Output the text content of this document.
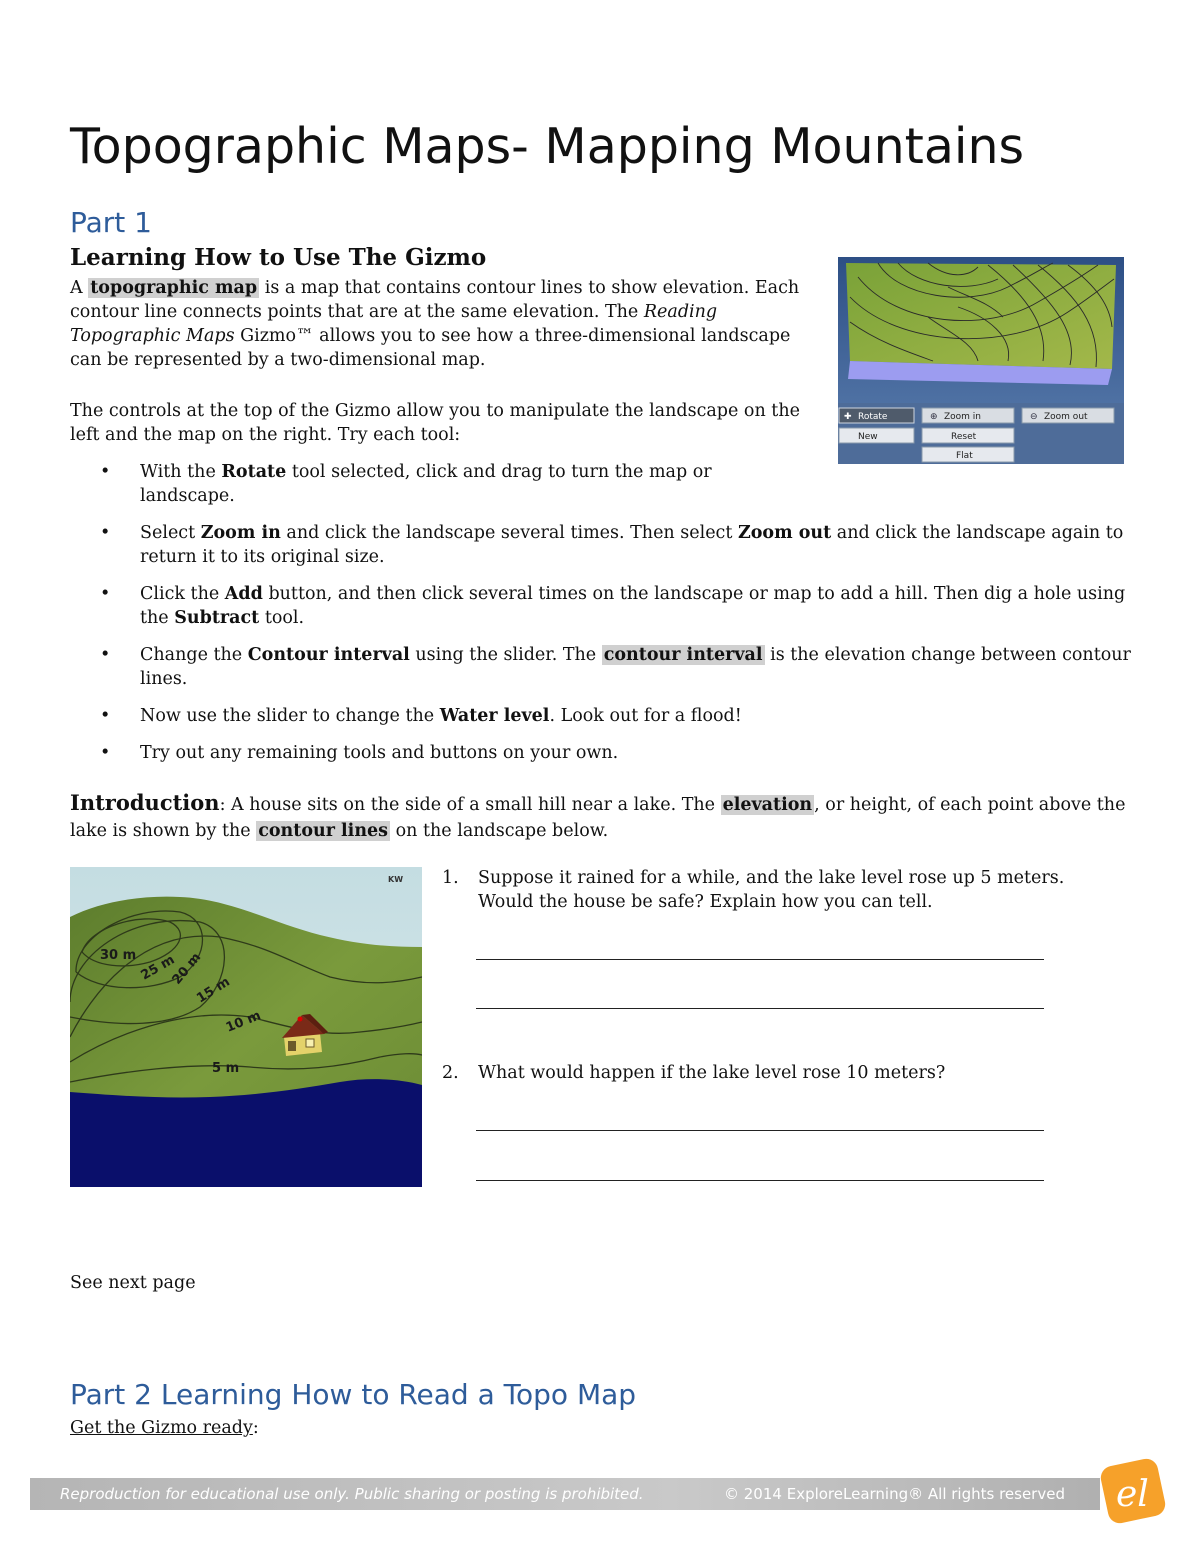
Topographic Maps- Mapping Mountains
Part 1
Learning How to Use The Gizmo
A topographic map is a map that contains contour lines to show elevation. Each contour line connects points that are at the same elevation. The Reading Topographic Maps Gizmo™ allows you to see how a three-dimensional landscape can be represented by a two-dimensional map.
The controls at the top of the Gizmo allow you to manipulate the landscape on the left and the map on the right. Try each tool:
✚ Rotate	⊕ Zoom in	⊖ Zoom out
New	Reset
Flat
• With the Rotate tool selected, click and drag to turn the map or landscape.
• Select Zoom in and click the landscape several times. Then select Zoom out and click the landscape again to return it to its original size.
• Click the Add button, and then click several times on the landscape or map to add a hill. Then dig a hole using the Subtract tool.
• Change the Contour interval using the slider. The contour interval is the elevation change between contour lines.
• Now use the slider to change the Water level. Look out for a flood!
• Try out any remaining tools and buttons on your own.
Introduction: A house sits on the side of a small hill near a lake. The elevation , or height, of each point above the lake is shown by the contour lines on the landscape below.
30 m 25 m
20 m
15 m
10 m
5 m
KW 1. Suppose it rained for a while, and the lake level rose up 5 meters. Would the house be safe? Explain how you can tell.
2. What would happen if the lake level rose 10 meters?
See next page
Part 2 Learning How to Read a Topo Map
Get the Gizmo ready:
Reproduction for educational use only. Public sharing or posting is prohibited.	© 2014 ExploreLearning® All rights reserved el
